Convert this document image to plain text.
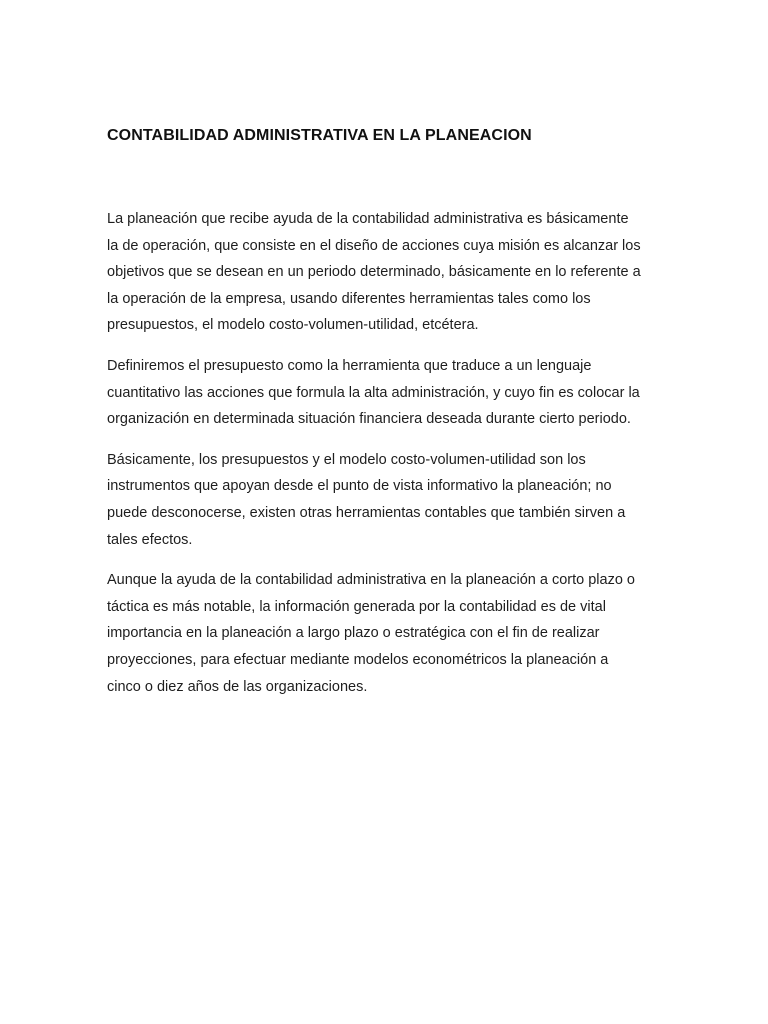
CONTABILIDAD ADMINISTRATIVA EN LA PLANEACION

La planeación que recibe ayuda de la contabilidad administrativa es básicamente
la de operación, que consiste en el diseño de acciones cuya misión es alcanzar los
objetivos que se desean en un periodo determinado, básicamente en lo referente a
la operación de la empresa, usando diferentes herramientas tales como los
presupuestos, el modelo costo-volumen-utilidad, etcétera.

Definiremos el presupuesto como la herramienta que traduce a un lenguaje
cuantitativo las acciones que formula la alta administración, y cuyo fin es colocar la
organización en determinada situación financiera deseada durante cierto periodo.

Básicamente, los presupuestos y el modelo costo-volumen-utilidad son los
instrumentos que apoyan desde el punto de vista informativo la planeación; no
puede desconocerse, existen otras herramientas contables que también sirven a
tales efectos.

Aunque la ayuda de la contabilidad administrativa en la planeación a corto plazo o
táctica es más notable, la información generada por la contabilidad es de vital
importancia en la planeación a largo plazo o estratégica con el fin de realizar
proyecciones, para efectuar mediante modelos econométricos la planeación a
cinco o diez años de las organizaciones.
